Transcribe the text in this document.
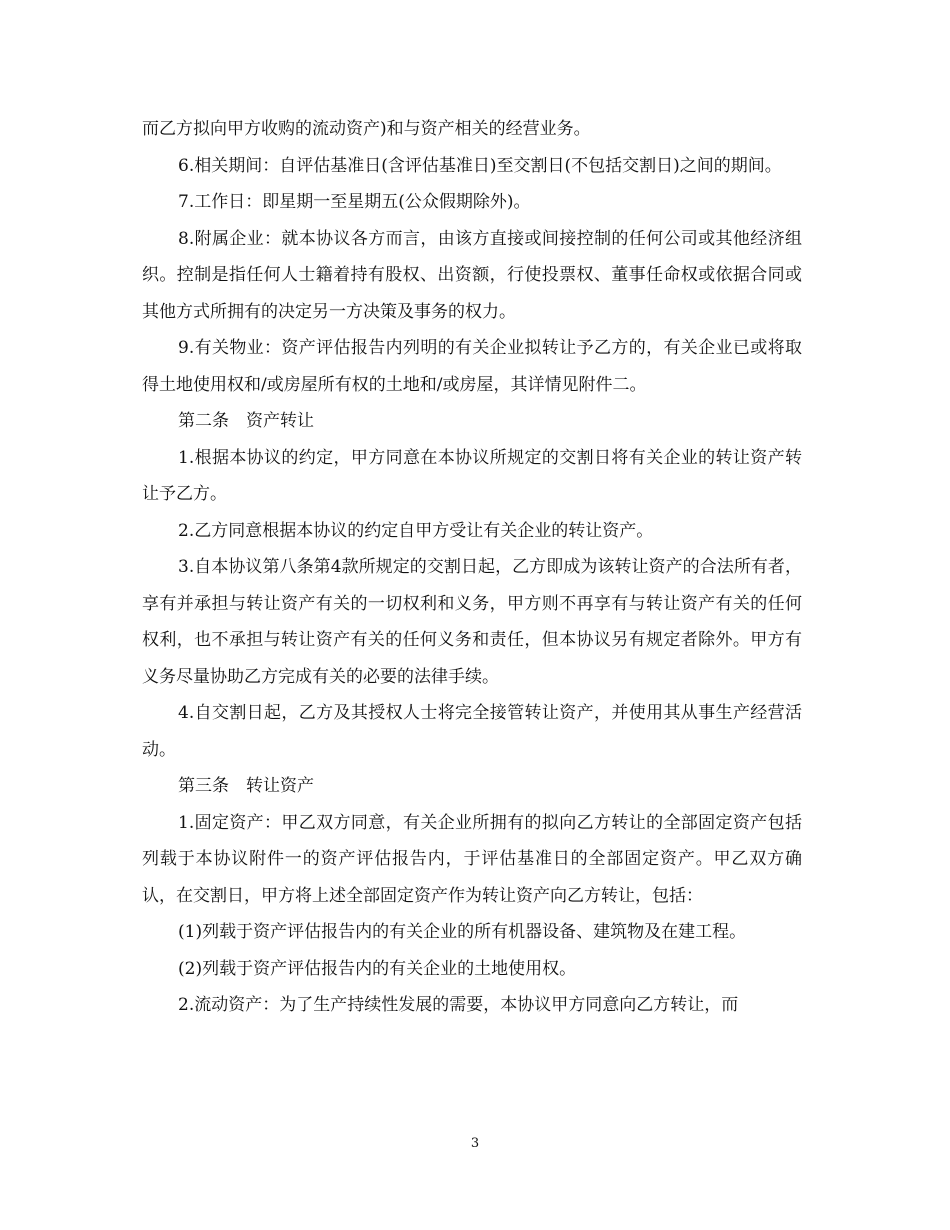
而乙方拟向甲方收购的流动资产)和与资产相关的经营业务。

6.相关期间：自评估基准日(含评估基准日)至交割日(不包括交割日)之间的期间。

7.工作日：即星期一至星期五(公众假期除外)。

8.附属企业：就本协议各方而言，由该方直接或间接控制的任何公司或其他经济组织。控制是指任何人士籍着持有股权、出资额，行使投票权、董事任命权或依据合同或其他方式所拥有的决定另一方决策及事务的权力。

9.有关物业：资产评估报告内列明的有关企业拟转让予乙方的，有关企业已或将取得土地使用权和/或房屋所有权的土地和/或房屋，其详情见附件二。

第二条　资产转让

1.根据本协议的约定，甲方同意在本协议所规定的交割日将有关企业的转让资产转让予乙方。

2.乙方同意根据本协议的约定自甲方受让有关企业的转让资产。

3.自本协议第八条第4款所规定的交割日起，乙方即成为该转让资产的合法所有者，享有并承担与转让资产有关的一切权利和义务，甲方则不再享有与转让资产有关的任何权利，也不承担与转让资产有关的任何义务和责任，但本协议另有规定者除外。甲方有义务尽量协助乙方完成有关的必要的法律手续。

4.自交割日起，乙方及其授权人士将完全接管转让资产，并使用其从事生产经营活动。

第三条　转让资产

1.固定资产：甲乙双方同意，有关企业所拥有的拟向乙方转让的全部固定资产包括列载于本协议附件一的资产评估报告内，于评估基准日的全部固定资产。甲乙双方确认，在交割日，甲方将上述全部固定资产作为转让资产向乙方转让，包括：

(1)列载于资产评估报告内的有关企业的所有机器设备、建筑物及在建工程。

(2)列载于资产评估报告内的有关企业的土地使用权。

2.流动资产：为了生产持续性发展的需要，本协议甲方同意向乙方转让，而

3
